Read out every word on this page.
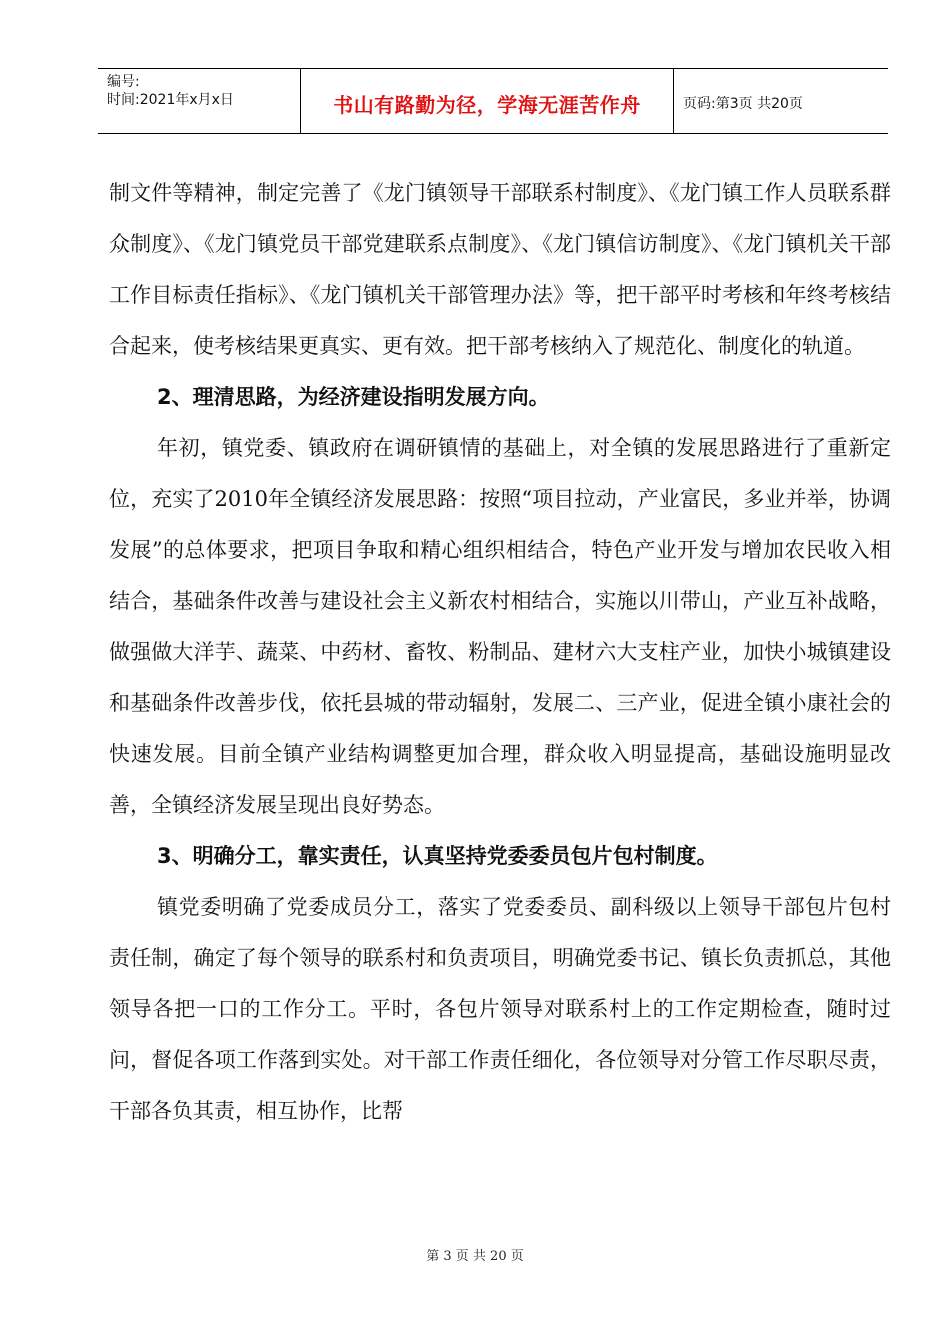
编号:
时间:2021年x月x日	书山有路勤为径，学海无涯苦作舟	页码:第3页 共20页

制文件等精神，制定完善了《龙门镇领导干部联系村制度》、《龙门镇工作人员联系群众制度》、《龙门镇党员干部党建联系点制度》、《龙门镇信访制度》、《龙门镇机关干部工作目标责任指标》、《龙门镇机关干部管理办法》等，把干部平时考核和年终考核结合起来，使考核结果更真实、更有效。把干部考核纳入了规范化、制度化的轨道。

2、理清思路，为经济建设指明发展方向。

年初，镇党委、镇政府在调研镇情的基础上，对全镇的发展思路进行了重新定位，充实了2010年全镇经济发展思路：按照“项目拉动，产业富民，多业并举，协调发展”的总体要求，把项目争取和精心组织相结合，特色产业开发与增加农民收入相结合，基础条件改善与建设社会主义新农村相结合，实施以川带山，产业互补战略，做强做大洋芋、蔬菜、中药材、畜牧、粉制品、建材六大支柱产业，加快小城镇建设和基础条件改善步伐，依托县城的带动辐射，发展二、三产业，促进全镇小康社会的快速发展。目前全镇产业结构调整更加合理，群众收入明显提高，基础设施明显改善，全镇经济发展呈现出良好势态。

3、明确分工，靠实责任，认真坚持党委委员包片包村制度。

镇党委明确了党委成员分工，落实了党委委员、副科级以上领导干部包片包村责任制，确定了每个领导的联系村和负责项目，明确党委书记、镇长负责抓总，其他领导各把一口的工作分工。平时，各包片领导对联系村上的工作定期检查，随时过问，督促各项工作落到实处。对干部工作责任细化，各位领导对分管工作尽职尽责，干部各负其责，相互协作，比帮

第 3 页 共 20 页
